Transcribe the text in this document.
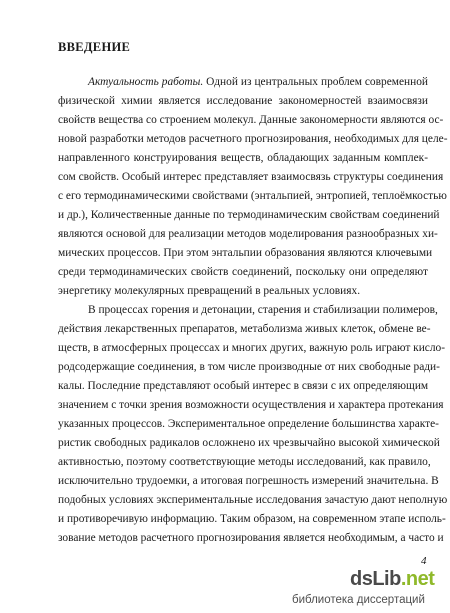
ВВЕДЕНИЕ
Актуальность работы. Одной из центральных проблем современной
физической химии является исследование закономерностей взаимосвязи
свойств вещества со строением молекул. Данные закономерности являются ос-
новой разработки методов расчетного прогнозирования, необходимых для целе-
направленного конструирования веществ, обладающих заданным комплек-
сом свойств. Особый интерес представляет взаимосвязь структуры соединения
с его термодинамическими свойствами (энтальпией, энтропией, теплоёмкостью
и др.), Количественные данные по термодинамическим свойствам соединений
являются основой для реализации методов моделирования разнообразных хи-
мических процессов. При этом энтальпии образования являются ключевыми
среди термодинамических свойств соединений, поскольку они определяют
энергетику молекулярных превращений в реальных условиях.
В процессах горения и детонации, старения и стабилизации полимеров,
действия лекарственных препаратов, метаболизма живых клеток, обмене ве-
ществ, в атмосферных процессах и многих других, важную роль играют кисло-
родсодержащие соединения, в том числе производные от них свободные ради-
калы. Последние представляют особый интерес в связи с их определяющим
значением с точки зрения возможности осуществления и характера протекания
указанных процессов. Экспериментальное определение большинства характе-
ристик свободных радикалов осложнено их чрезвычайно высокой химической
активностью, поэтому соответствующие методы исследований, как правило,
исключительно трудоемки, а итоговая погрешность измерений значительна. В
подобных условиях экспериментальные исследования зачастую дают неполную
и противоречивую информацию. Таким образом, на современном этапе исполь-
зование методов расчетного прогнозирования является необходимым, а часто и
4
dsLib.net
библиотека диссертаций
